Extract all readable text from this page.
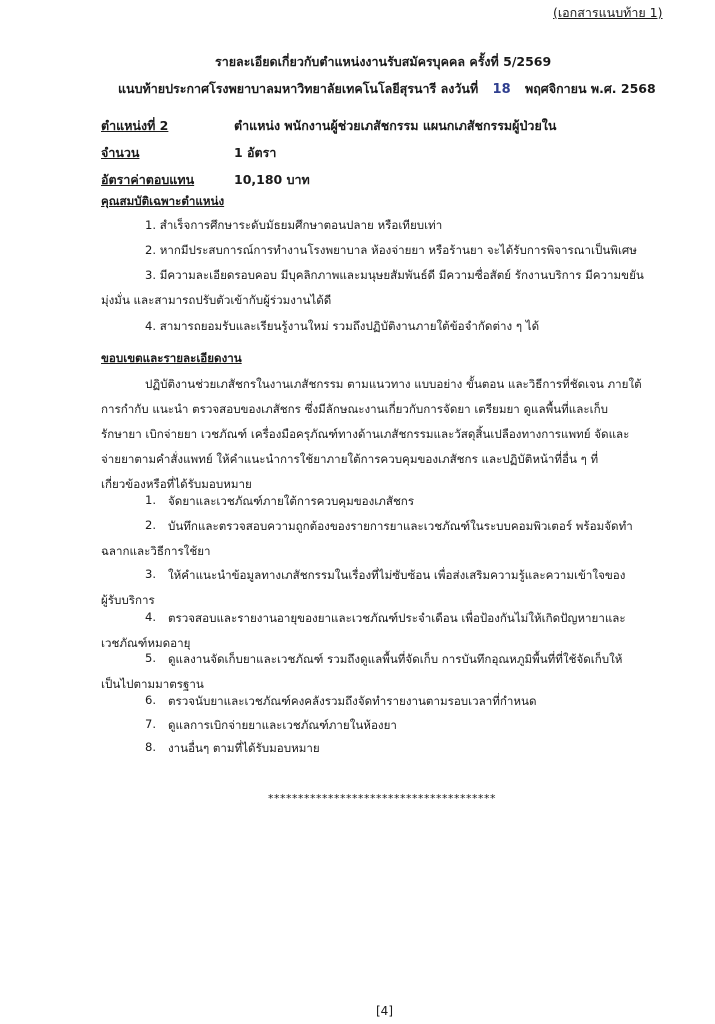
(เอกสารแนบท้าย 1)
รายละเอียดเกี่ยวกับตำแหน่งงานรับสมัครบุคคล ครั้งที่ 5/2569
แนบท้ายประกาศโรงพยาบาลมหาวิทยาลัยเทคโนโลยีสุรนารี ลงวันที่ 18 พฤศจิกายน พ.ศ. 2568
ตำแหน่งที่ 2	ตำแหน่ง พนักงานผู้ช่วยเภสัชกรรม แผนกเภสัชกรรมผู้ป่วยใน
จำนวน	1 อัตรา
อัตราค่าตอบแทน	10,180 บาท
คุณสมบัติเฉพาะตำแหน่ง
1. สำเร็จการศึกษาระดับมัธยมศึกษาตอนปลาย หรือเทียบเท่า
2. หากมีประสบการณ์การทำงานโรงพยาบาล ห้องจ่ายยา หรือร้านยา จะได้รับการพิจารณาเป็นพิเศษ
3. มีความละเอียดรอบคอบ มีบุคลิกภาพและมนุษยสัมพันธ์ดี มีความซื่อสัตย์ รักงานบริการ มีความขยัน
มุ่งมั่น และสามารถปรับตัวเข้ากับผู้ร่วมงานได้ดี
4. สามารถยอมรับและเรียนรู้งานใหม่ รวมถึงปฏิบัติงานภายใต้ข้อจำกัดต่าง ๆ ได้
ขอบเขตและรายละเอียดงาน
ปฏิบัติงานช่วยเภสัชกรในงานเภสัชกรรม ตามแนวทาง แบบอย่าง ขั้นตอน และวิธีการที่ชัดเจน ภายใต้
การกำกับ แนะนำ ตรวจสอบของเภสัชกร ซึ่งมีลักษณะงานเกี่ยวกับการจัดยา เตรียมยา ดูแลพื้นที่และเก็บ
รักษายา เบิกจ่ายยา เวชภัณฑ์ เครื่องมือครุภัณฑ์ทางด้านเภสัชกรรมและวัสดุสิ้นเปลืองทางการแพทย์ จัดและ
จ่ายยาตามคำสั่งแพทย์ ให้คำแนะนำการใช้ยาภายใต้การควบคุมของเภสัชกร และปฏิบัติหน้าที่อื่น ๆ ที่
เกี่ยวข้องหรือที่ได้รับมอบหมาย
1. จัดยาและเวชภัณฑ์ภายใต้การควบคุมของเภสัชกร
2. บันทึกและตรวจสอบความถูกต้องของรายการยาและเวชภัณฑ์ในระบบคอมพิวเตอร์ พร้อมจัดทำ
ฉลากและวิธีการใช้ยา
3. ให้คำแนะนำข้อมูลทางเภสัชกรรมในเรื่องที่ไม่ซับซ้อน เพื่อส่งเสริมความรู้และความเข้าใจของ
ผู้รับบริการ
4. ตรวจสอบและรายงานอายุของยาและเวชภัณฑ์ประจำเดือน เพื่อป้องกันไม่ให้เกิดปัญหายาและ
เวชภัณฑ์หมดอายุ
5. ดูแลงานจัดเก็บยาและเวชภัณฑ์ รวมถึงดูแลพื้นที่จัดเก็บ การบันทึกอุณหภูมิพื้นที่ที่ใช้จัดเก็บให้
เป็นไปตามมาตรฐาน
6. ตรวจนับยาและเวชภัณฑ์คงคลังรวมถึงจัดทำรายงานตามรอบเวลาที่กำหนด
7. ดูแลการเบิกจ่ายยาและเวชภัณฑ์ภายในห้องยา
8. งานอื่นๆ ตามที่ได้รับมอบหมาย
**************************************
[4]
